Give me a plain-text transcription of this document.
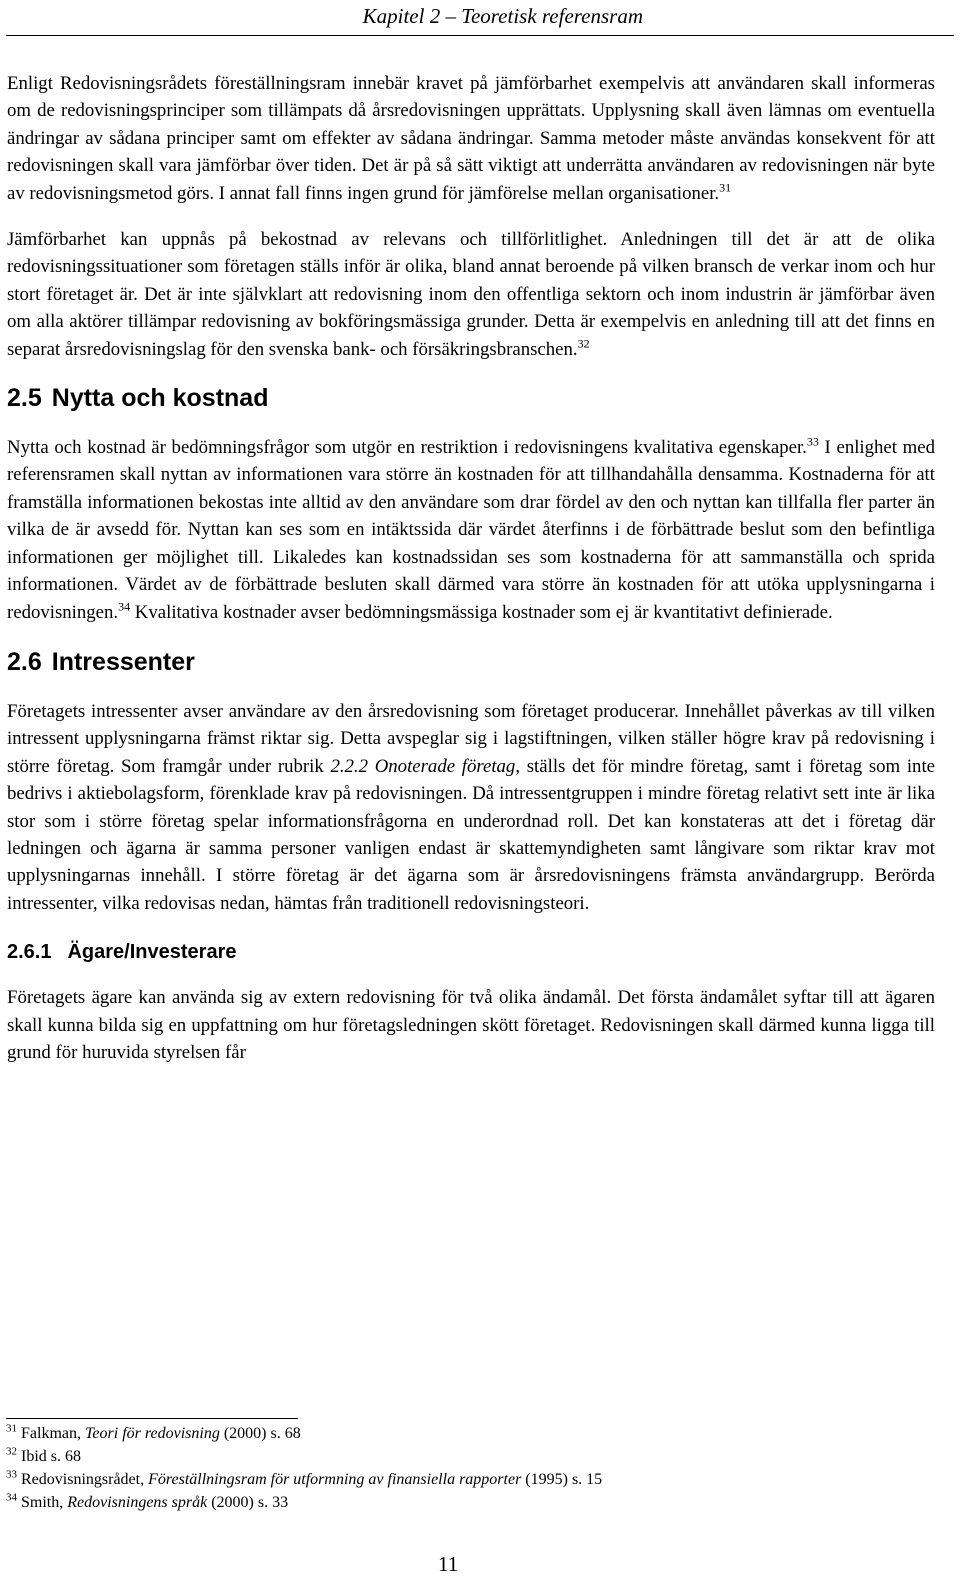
Kapitel 2 – Teoretisk referensram

Enligt Redovisningsrådets föreställningsram innebär kravet på jämförbarhet exempelvis att användaren skall informeras om de redovisningsprinciper som tillämpats då årsredovisningen upprättats. Upplysning skall även lämnas om eventuella ändringar av sådana principer samt om effekter av sådana ändringar. Samma metoder måste användas konsekvent för att redovisningen skall vara jämförbar över tiden. Det är på så sätt viktigt att underrätta användaren av redovisningen när byte av redovisningsmetod görs. I annat fall finns ingen grund för jämförelse mellan organisationer.$^{31}$

Jämförbarhet kan uppnås på bekostnad av relevans och tillförlitlighet. Anledningen till det är att de olika redovisningssituationer som företagen ställs inför är olika, bland annat beroende på vilken bransch de verkar inom och hur stort företaget är. Det är inte självklart att redovisning inom den offentliga sektorn och inom industrin är jämförbar även om alla aktörer tillämpar redovisning av bokföringsmässiga grunder. Detta är exempelvis en anledning till att det finns en separat årsredovisningslag för den svenska bank- och försäkringsbranschen.$^{32}$

2.5 Nytta och kostnad

Nytta och kostnad är bedömningsfrågor som utgör en restriktion i redovisningens kvalitativa egenskaper.$^{33}$ I enlighet med referensramen skall nyttan av informationen vara större än kostnaden för att tillhandahålla densamma. Kostnaderna för att framställa informationen bekostas inte alltid av den användare som drar fördel av den och nyttan kan tillfalla fler parter än vilka de är avsedd för. Nyttan kan ses som en intäktssida där värdet återfinns i de förbättrade beslut som den befintliga informationen ger möjlighet till. Likaledes kan kostnadssidan ses som kostnaderna för att sammanställa och sprida informationen. Värdet av de förbättrade besluten skall därmed vara större än kostnaden för att utöka upplysningarna i redovisningen.$^{34}$ Kvalitativa kostnader avser bedömningsmässiga kostnader som ej är kvantitativt definierade.

2.6 Intressenter

Företagets intressenter avser användare av den årsredovisning som företaget producerar. Innehållet påverkas av till vilken intressent upplysningarna främst riktar sig. Detta avspeglar sig i lagstiftningen, vilken ställer högre krav på redovisning i större företag. Som framgår under rubrik 2.2.2 Onoterade företag, ställs det för mindre företag, samt i företag som inte bedrivs i aktiebolagsform, förenklade krav på redovisningen. Då intressentgruppen i mindre företag relativt sett inte är lika stor som i större företag spelar informationsfrågorna en underordnad roll. Det kan konstateras att det i företag där ledningen och ägarna är samma personer vanligen endast är skattemyndigheten samt långivare som riktar krav mot upplysningarnas innehåll. I större företag är det ägarna som är årsredovisningens främsta användargrupp. Berörda intressenter, vilka redovisas nedan, hämtas från traditionell redovisningsteori.

2.6.1 Ägare/Investerare

Företagets ägare kan använda sig av extern redovisning för två olika ändamål. Det första ändamålet syftar till att ägaren skall kunna bilda sig en uppfattning om hur företagsledningen skött företaget. Redovisningen skall därmed kunna ligga till grund för huruvida styrelsen får

$^{31}$ Falkman, Teori för redovisning (2000) s. 68
$^{32}$ Ibid s. 68
$^{33}$ Redovisningsrådet, Föreställningsram för utformning av finansiella rapporter (1995) s. 15
$^{34}$ Smith, Redovisningens språk (2000) s. 33
11
